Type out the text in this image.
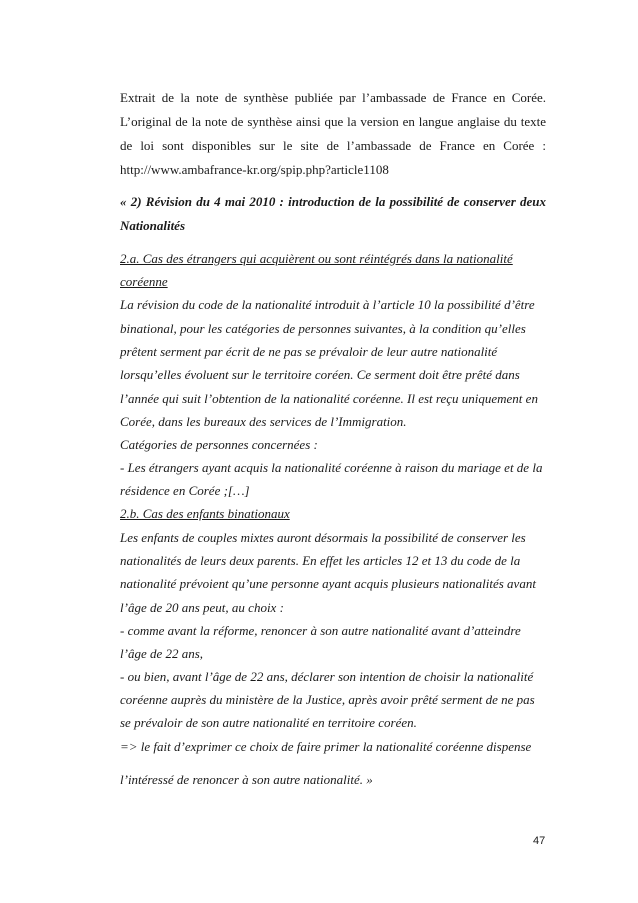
Extrait de la note de synthèse publiée par l’ambassade de France en Corée.

L’original de la note de synthèse ainsi que la version en langue anglaise du texte

de loi sont disponibles sur le site de l’ambassade de France en Corée :

http://www.ambafrance-kr.org/spip.php?article1108

« 2) Révision du 4 mai 2010 : introduction de la possibilité de conserver deux

Nationalités

2.a. Cas des étrangers qui acquièrent ou sont réintégrés dans la nationalité

coréenne

La révision du code de la nationalité introduit à l’article 10 la possibilité d’être

binational, pour les catégories de personnes suivantes, à la condition qu’elles

prêtent serment par écrit de ne pas se prévaloir de leur autre nationalité

lorsqu’elles évoluent sur le territoire coréen. Ce serment doit être prêté dans

l’année qui suit l’obtention de la nationalité coréenne. Il est reçu uniquement en

Corée, dans les bureaux des services de l’Immigration.

Catégories de personnes concernées :

- Les étrangers ayant acquis la nationalité coréenne à raison du mariage et de la

résidence en Corée ;[…]

2.b. Cas des enfants binationaux

Les enfants de couples mixtes auront désormais la possibilité de conserver les

nationalités de leurs deux parents. En effet les articles 12 et 13 du code de la

nationalité prévoient qu’une personne ayant acquis plusieurs nationalités avant

l’âge de 20 ans peut, au choix :

- comme avant la réforme, renoncer à son autre nationalité avant d’atteindre

l’âge de 22 ans,

- ou bien, avant l’âge de 22 ans, déclarer son intention de choisir la nationalité

coréenne auprès du ministère de la Justice, après avoir prêté serment de ne pas

se prévaloir de son autre nationalité en territoire coréen.

=> le fait d’exprimer ce choix de faire primer la nationalité coréenne dispense

l’intéressé de renoncer à son autre nationalité. »

47
